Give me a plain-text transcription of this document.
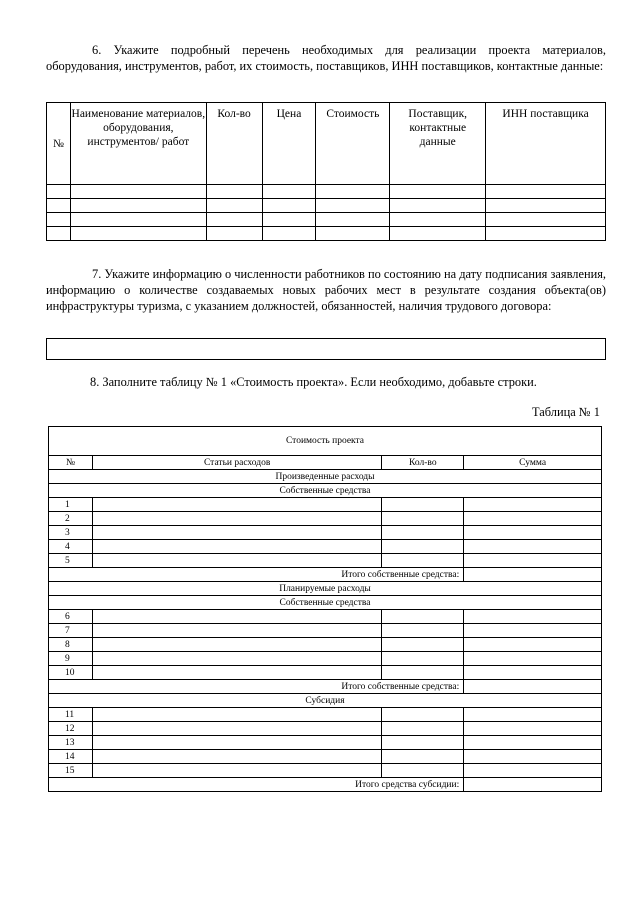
6. Укажите подробный перечень необходимых для реализации проекта материалов, оборудования, инструментов, работ, их стоимость, поставщиков, ИНН поставщиков, контактные данные:
№	Наименование материалов, оборудования, инструментов/ работ	Кол-во	Цена	Стоимость	Поставщик, контактные данные	ИНН поставщика

7. Укажите информацию о численности работников по состоянию на дату подписания заявления, информацию о количестве создаваемых новых рабочих мест в результате создания объекта(ов) инфраструктуры туризма, с указанием должностей, обязанностей, наличия трудового договора:
8. Заполните таблицу № 1 «Стоимость проекта». Если необходимо, добавьте строки.
Таблица № 1
Стоимость проекта			
№	Статьи расходов	Кол-во	Сумма
Произведенные расходы			
Собственные средства			
1			
2			
3			
4			
5			
Итого собственные средства:			
Планируемые расходы			
Собственные средства			
6			
7			
8			
9			
10			
Итого собственные средства:			
Субсидия			
11			
12			
13			
14			
15			
Итого средства субсидии:			
